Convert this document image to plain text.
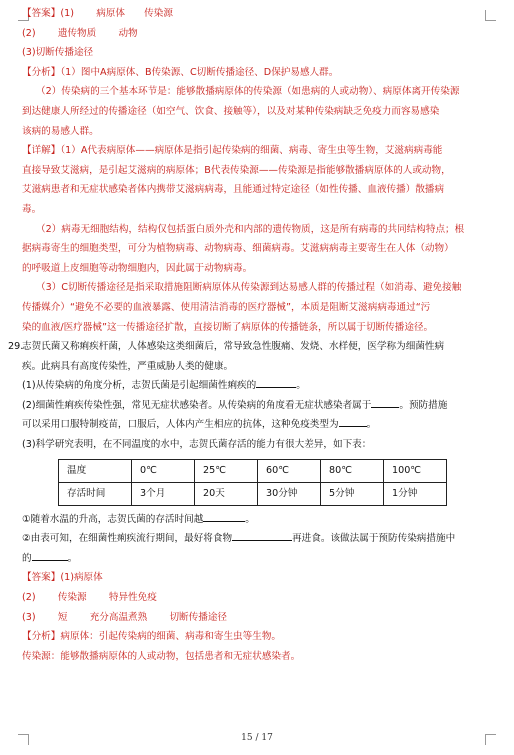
【答案】(1)　　 病原体　　传染源
(2)　　 遗传物质　　 动物
(3)切断传播途径
【分析】（1）图中A病原体、B传染源、C切断传播途径、D保护易感人群。
（2）传染病的三个基本环节是：能够散播病原体的传染源（如患病的人或动物）、病原体离开传染源
到达健康人所经过的传播途径（如空气、饮食、接触等），以及对某种传染病缺乏免疫力而容易感染
该病的易感人群。
【详解】（1）A代表病原体——病原体是指引起传染病的细菌、病毒、寄生虫等生物，艾滋病病毒能
直接导致艾滋病，是引起艾滋病的病原体；B代表传染源——传染源是指能够散播病原体的人或动物，
艾滋病患者和无症状感染者体内携带艾滋病病毒，且能通过特定途径（如性传播、血液传播）散播病
毒。
（2）病毒无细胞结构，结构仅包括蛋白质外壳和内部的遗传物质，这是所有病毒的共同结构特点；根
据病毒寄生的细胞类型，可分为植物病毒、动物病毒、细菌病毒。艾滋病病毒主要寄生在人体（动物）
的呼吸道上皮细胞等动物细胞内，因此属于动物病毒。
（3）C切断传播途径是指采取措施阻断病原体从传染源到达易感人群的传播过程（如消毒、避免接触
传播媒介）“避免不必要的血液暴露、使用清洁消毒的医疗器械”，本质是阻断艾滋病病毒通过“污
染的血液/医疗器械”这一传播途径扩散，直接切断了病原体的传播链条，所以属于切断传播途径。
29.志贺氏菌又称痢疾杆菌，人体感染这类细菌后，常导致急性腹痛、发烧、水样便，医学称为细菌性病
疾。此病具有高度传染性，严重威胁人类的健康。
(1)从传染病的角度分析，志贺氏菌是引起细菌性痢疾的	。
(2)细菌性痢疾传染性强，常见无症状感染者。从传染病的角度看无症状感染者属于	。预防措施
可以采用口服特制疫苗，口服后，人体内产生相应的抗体，这种免疫类型为	。
(3)科学研究表明，在不同温度的水中，志贺氏菌存活的能力有很大差异，如下表：
温度	0℃	25℃	60℃	80℃	100℃
存活时间	3个月	20天	30分钟	5分钟	1分钟
①随着水温的升高，志贺氏菌的存活时间越	。
②由表可知，在细菌性痢疾流行期间，最好将食物	再进食。该做法属于预防传染病措施中
的	。
【答案】(1)病原体
(2)　　 传染源　　 特异性免疫
(3)　　 短　　 充分高温煮熟　　 切断传播途径
【分析】病原体：引起传染病的细菌、病毒和寄生虫等生物。
传染源：能够散播病原体的人或动物，包括患者和无症状感染者。
15 / 17
